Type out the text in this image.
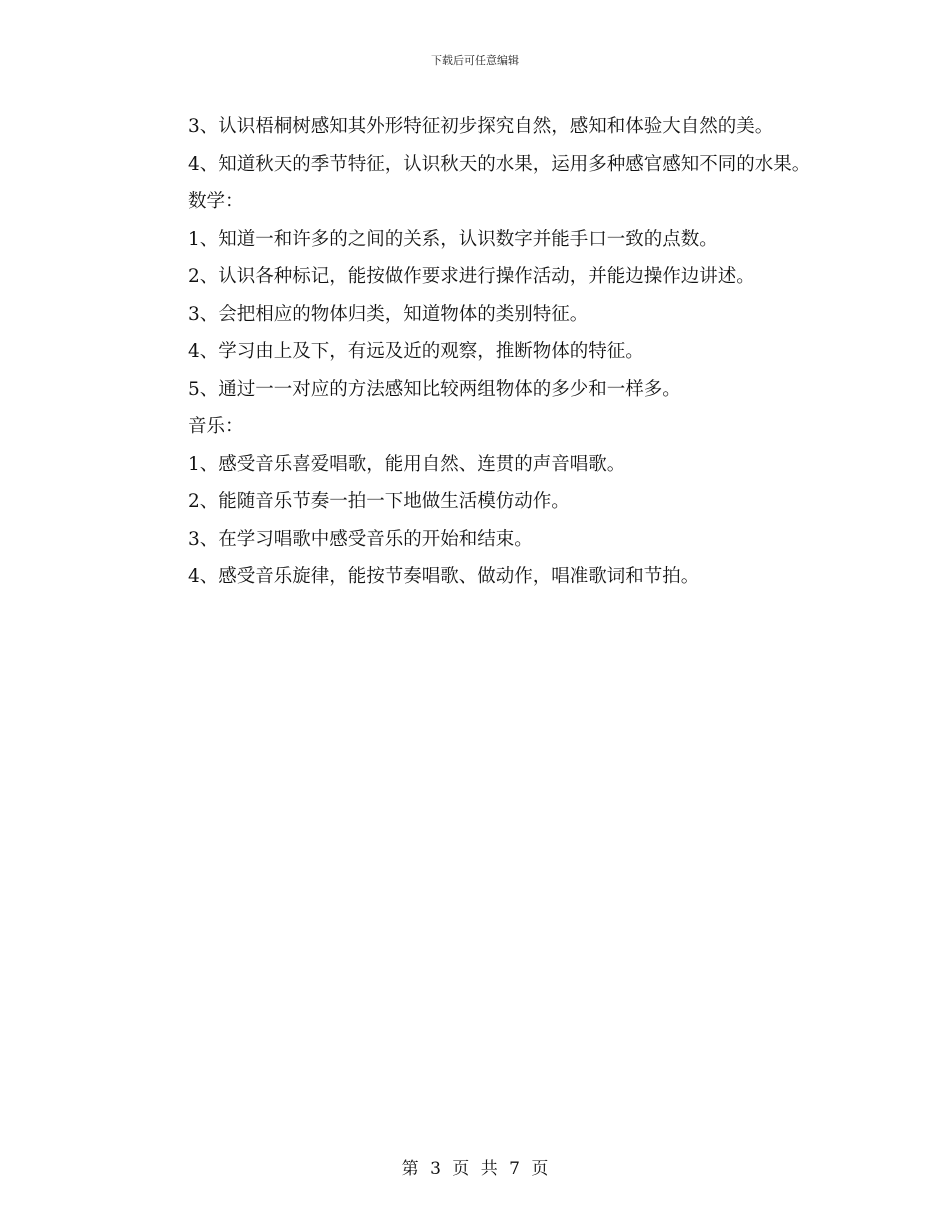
下载后可任意编辑

3、认识梧桐树感知其外形特征初步探究自然，感知和体验大自然的美。

4、知道秋天的季节特征，认识秋天的水果，运用多种感官感知不同的水果。

数学：

1、知道一和许多的之间的关系，认识数字并能手口一致的点数。

2、认识各种标记，能按做作要求进行操作活动，并能边操作边讲述。

3、会把相应的物体归类，知道物体的类别特征。

4、学习由上及下，有远及近的观察，推断物体的特征。

5、通过一一对应的方法感知比较两组物体的多少和一样多。

音乐：

1、感受音乐喜爱唱歌，能用自然、连贯的声音唱歌。

2、能随音乐节奏一拍一下地做生活模仿动作。

3、在学习唱歌中感受音乐的开始和结束。

4、感受音乐旋律，能按节奏唱歌、做动作，唱准歌词和节拍。

第 3 页 共 7 页
